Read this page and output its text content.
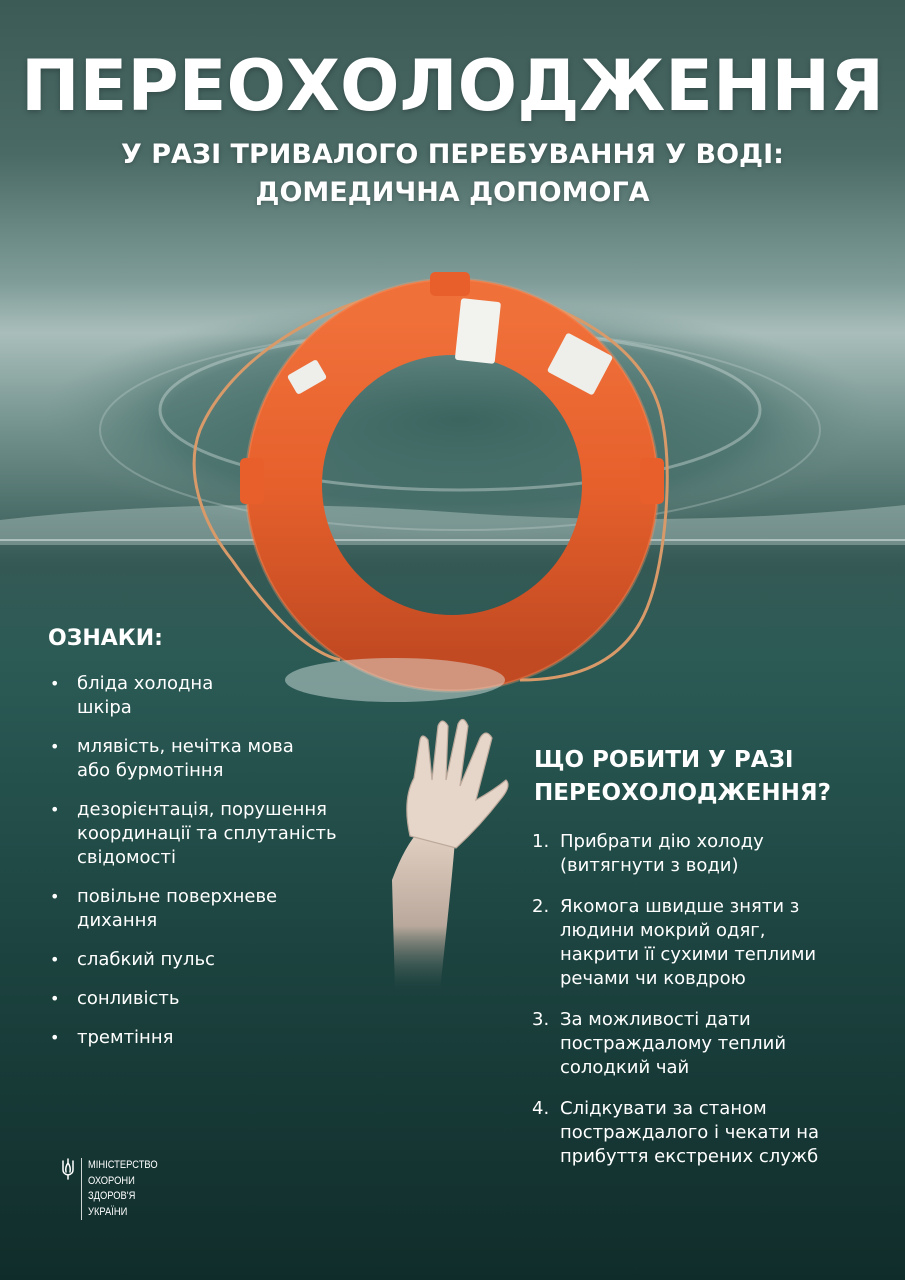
ПЕРЕОХОЛОДЖЕННЯ
У РАЗІ ТРИВАЛОГО ПЕРЕБУВАННЯ У ВОДІ:
ДОМЕДИЧНА ДОПОМОГА
ОЗНАКИ:
• бліда холодна
шкіра
• млявість, нечітка мова
або бурмотіння
• дезорієнтація, порушення
координації та сплутаність
свідомості
• повільне поверхневе
дихання
• слабкий пульс
• сонливість
• тремтіння
ЩО РОБИТИ У РАЗІ
ПЕРЕОХОЛОДЖЕННЯ?
1. Прибрати дію холоду
(витягнути з води)
2. Якомога швидше зняти з
людини мокрий одяг,
накрити її сухими теплими
речами чи ковдрою
3. За можливості дати
постраждалому теплий
солодкий чай
4. Слідкувати за станом
постраждалого і чекати на
прибуття екстрених служб
МІНІСТЕРСТВО
ОХОРОНИ
ЗДОРОВ'Я
УКРАЇНИ
